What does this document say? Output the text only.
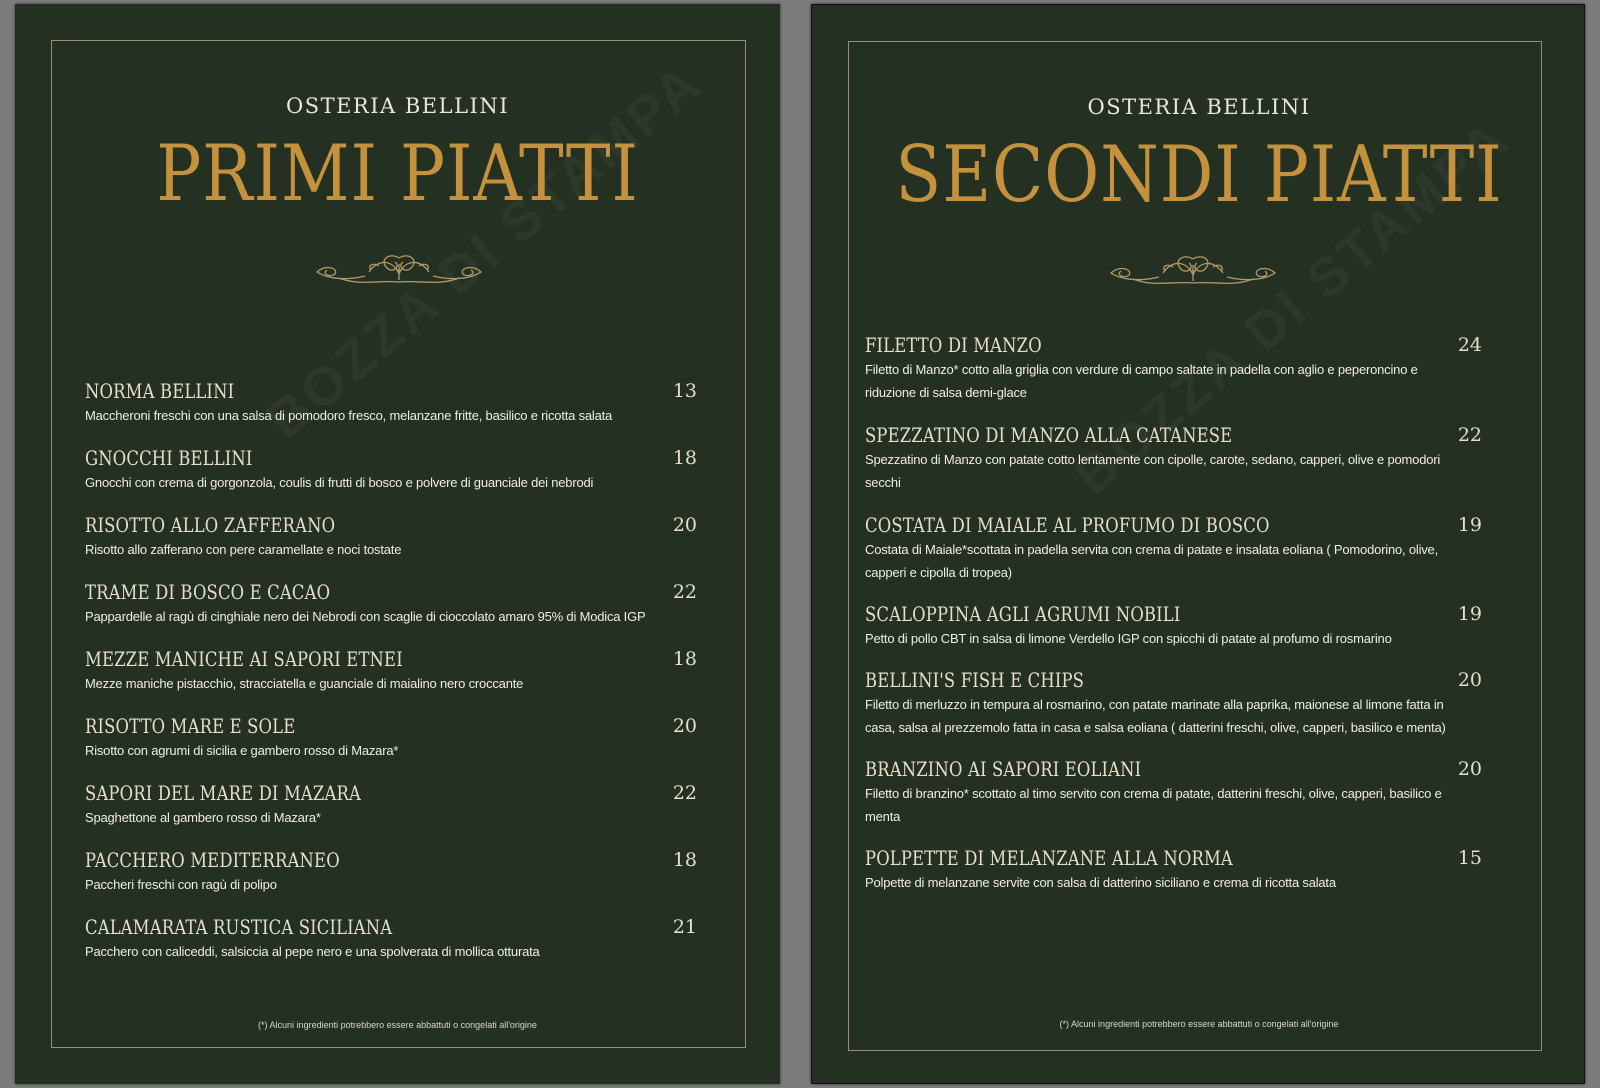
OSTERIA BELLINI
PRIMI PIATTI
NORMA BELLINI	13
Maccheroni freschi con una salsa di pomodoro fresco, melanzane fritte, basilico e ricotta salata
GNOCCHI BELLINI	18
Gnocchi con crema di gorgonzola, coulis di frutti di bosco e polvere di guanciale dei nebrodi
RISOTTO ALLO ZAFFERANO	20
Risotto allo zafferano con pere caramellate e noci tostate
TRAME DI BOSCO E CACAO	22
Pappardelle al ragù di cinghiale nero dei Nebrodi con scaglie di cioccolato amaro 95% di Modica IGP
MEZZE MANICHE AI SAPORI ETNEI	18
Mezze maniche pistacchio, stracciatella e guanciale di maialino nero croccante
RISOTTO MARE E SOLE	20
Risotto con agrumi di sicilia e gambero rosso di Mazara*
SAPORI DEL MARE DI MAZARA	22
Spaghettone al gambero rosso di Mazara*
PACCHERO MEDITERRANEO	18
Paccheri freschi con ragù di polipo
CALAMARATA RUSTICA SICILIANA	21
Pacchero con caliceddi, salsiccia al pepe nero e una spolverata di mollica otturata
(*) Alcuni ingredienti potrebbero essere abbattuti o congelati all'origine
OSTERIA BELLINI
SECONDI PIATTI
FILETTO DI MANZO	24
Filetto di Manzo* cotto alla griglia con verdure di campo saltate in padella con aglio e peperoncino e riduzione di salsa demi-glace
SPEZZATINO DI MANZO ALLA CATANESE	22
Spezzatino di Manzo con patate cotto lentamente con cipolle, carote, sedano, capperi, olive e pomodori secchi
COSTATA DI MAIALE AL PROFUMO DI BOSCO	19
Costata di Maiale*scottata in padella servita con crema di patate e insalata eoliana ( Pomodorino, olive, capperi e cipolla di tropea)
SCALOPPINA AGLI AGRUMI NOBILI	19
Petto di pollo CBT in salsa di limone Verdello IGP con spicchi di patate al profumo di rosmarino
BELLINI'S FISH E CHIPS	20
Filetto di merluzzo in tempura al rosmarino, con patate marinate alla paprika, maionese al limone fatta in casa, salsa al prezzemolo fatta in casa e salsa eoliana ( datterini freschi, olive, capperi, basilico e menta)
BRANZINO AI SAPORI EOLIANI	20
Filetto di branzino* scottato al timo servito con crema di patate, datterini freschi, olive, capperi, basilico e menta
POLPETTE DI MELANZANE ALLA NORMA	15
Polpette di melanzane servite con salsa di datterino siciliano e crema di ricotta salata
(*) Alcuni ingredienti potrebbero essere abbattuti o congelati all'origine
